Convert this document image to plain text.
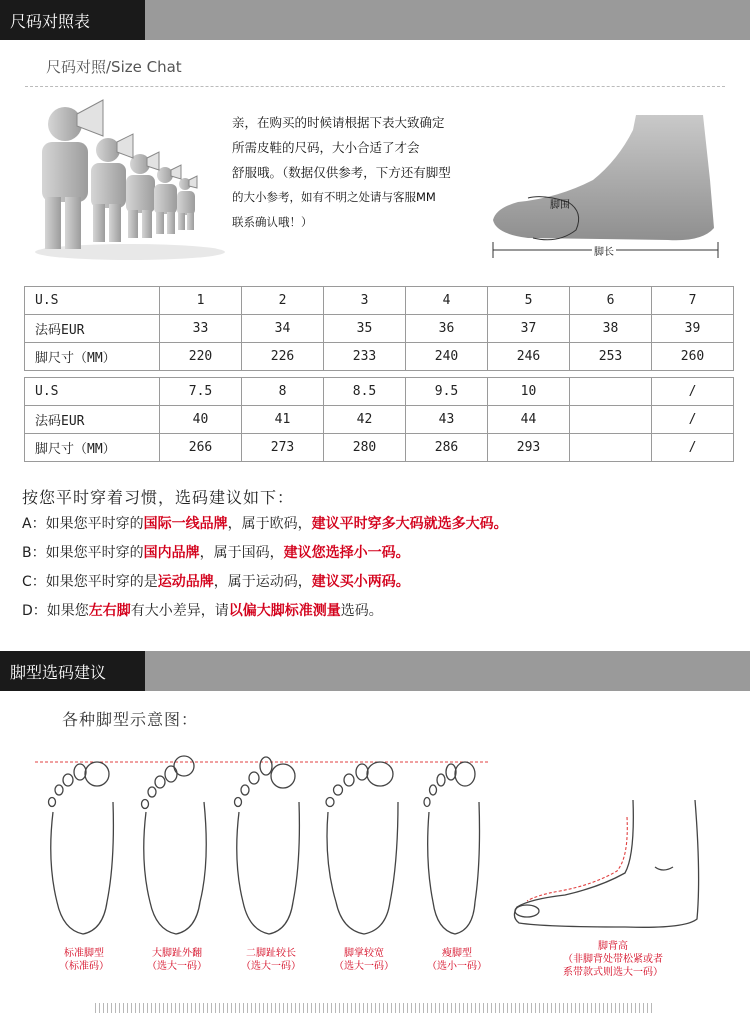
尺码对照表
尺码对照/Size Chat
亲，在购买的时候请根据下表大致确定
所需皮鞋的尺码，大小合适了才会
舒服哦。（数据仅供参考，下方还有脚型
的大小参考，如有不明之处请与客服MM
联系确认哦！）
脚围
脚长
U.S	1	2	3	4	5	6	7
法码EUR	33	34	35	36	37	38	39
脚尺寸（MM）	220	226	233	240	246	253	260
U.S	7.5	8	8.5	9.5	10		/
法码EUR	40	41	42	43	44		/
脚尺寸（MM）	266	273	280	286	293		/
按您平时穿着习惯，选码建议如下：
A：如果您平时穿的国际一线品牌，属于欧码，建议平时穿多大码就选多大码。
B：如果您平时穿的国内品牌，属于国码，建议您选择小一码。
C：如果您平时穿的是运动品牌，属于运动码，建议买小两码。
D：如果您左右脚有大小差异，请以偏大脚标准测量选码。
脚型选码建议
各种脚型示意图：
标准脚型
（标准码）
大脚趾外翻
（选大一码）
二脚趾较长
（选大一码）
脚掌较宽
（选大一码）
瘦脚型
（选小一码）
脚背高
（非脚背处带松紧或者
系带款式则选大一码）
